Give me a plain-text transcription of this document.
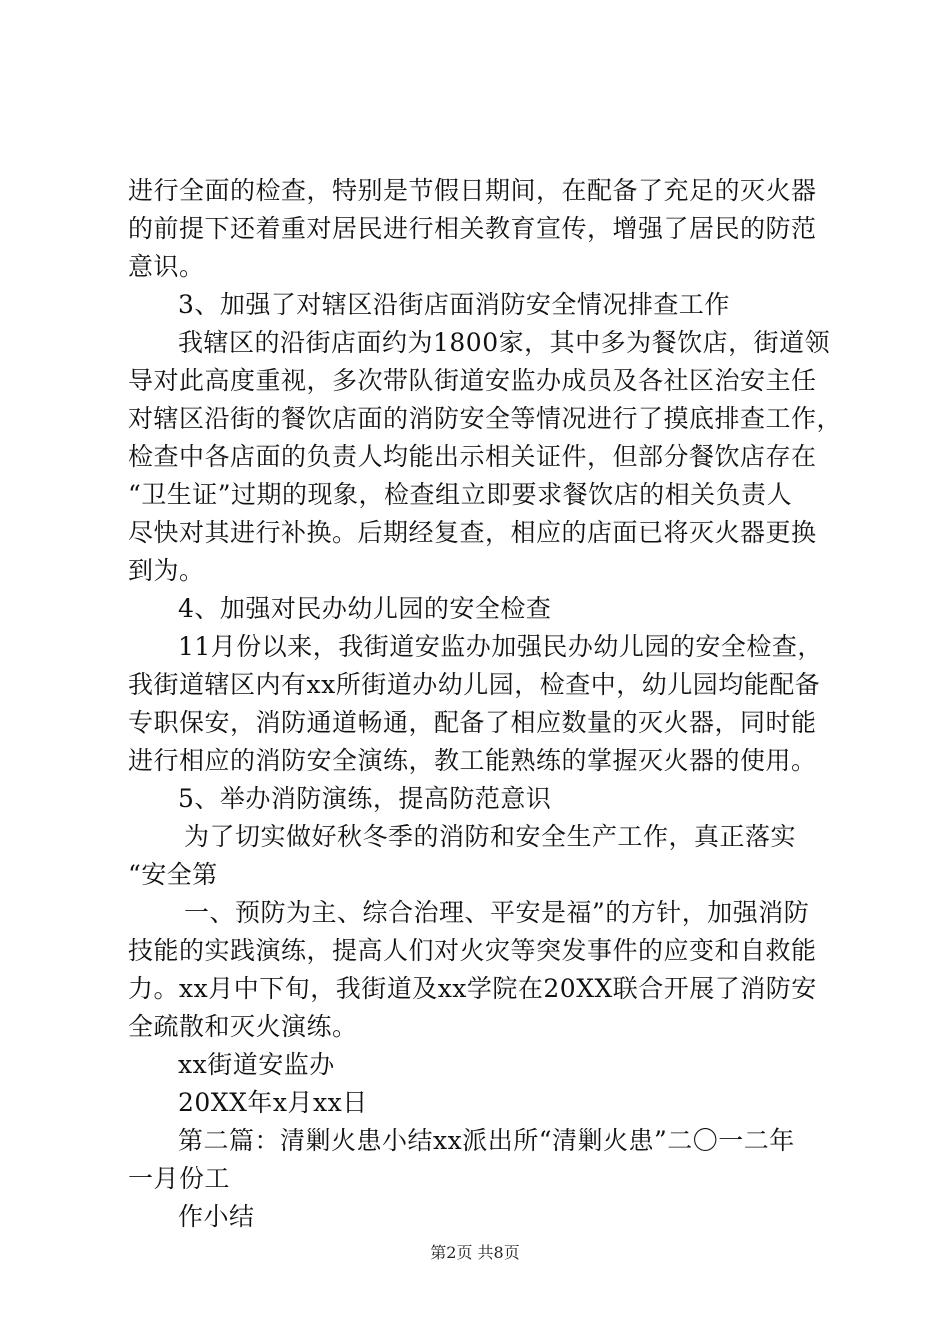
进行全面的检查，特别是节假日期间，在配备了充足的灭火器
的前提下还着重对居民进行相关教育宣传，增强了居民的防范
意识。
3、加强了对辖区沿街店面消防安全情况排查工作
我辖区的沿街店面约为1800家，其中多为餐饮店，街道领
导对此高度重视，多次带队街道安监办成员及各社区治安主任
对辖区沿街的餐饮店面的消防安全等情况进行了摸底排查工作，
检查中各店面的负责人均能出示相关证件，但部分餐饮店存在
“卫生证”过期的现象，检查组立即要求餐饮店的相关负责人
尽快对其进行补换。后期经复查，相应的店面已将灭火器更换
到为。
4、加强对民办幼儿园的安全检查
11月份以来，我街道安监办加强民办幼儿园的安全检查，
我街道辖区内有xx所街道办幼儿园，检查中，幼儿园均能配备
专职保安，消防通道畅通，配备了相应数量的灭火器，同时能
进行相应的消防安全演练，教工能熟练的掌握灭火器的使用。
5、举办消防演练，提高防范意识
为了切实做好秋冬季的消防和安全生产工作，真正落实
“安全第
一、预防为主、综合治理、平安是福”的方针，加强消防
技能的实践演练，提高人们对火灾等突发事件的应变和自救能
力。xx月中下旬，我街道及xx学院在20XX联合开展了消防安
全疏散和灭火演练。
xx街道安监办
20XX年x月xx日
第二篇：清剿火患小结xx派出所“清剿火患”二〇一二年
一月份工
作小结
第2页 共8页
